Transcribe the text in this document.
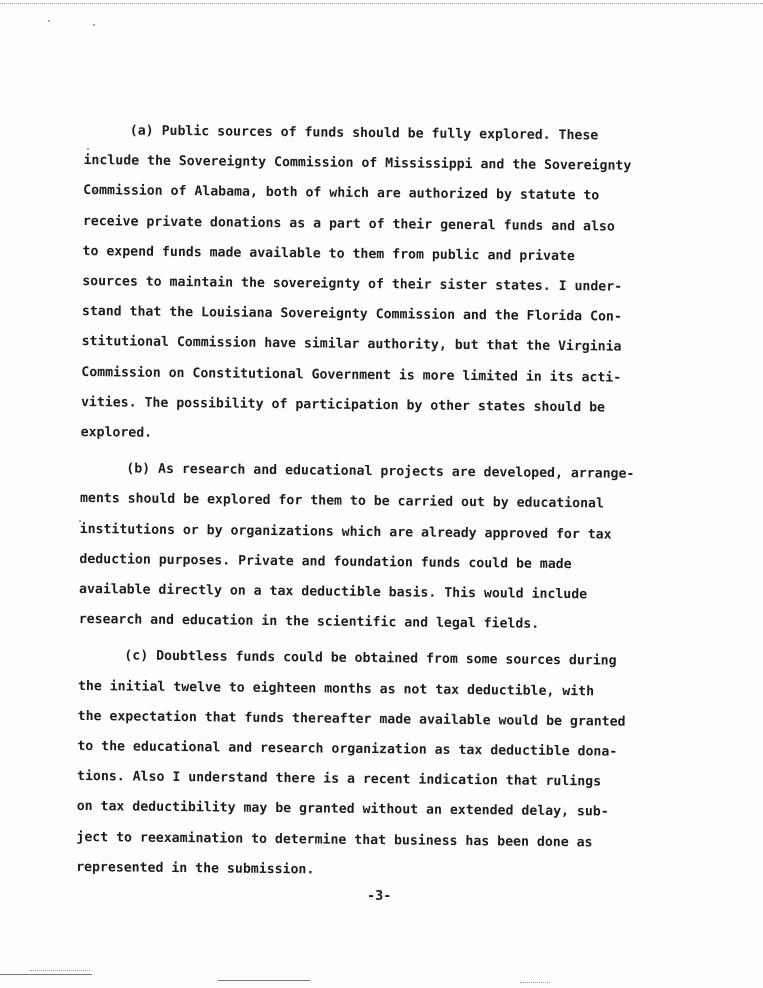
(a) Public sources of funds should be fully explored. These
include the Sovereignty Commission of Mississippi and the Sovereignty
Commission of Alabama, both of which are authorized by statute to
receive private donations as a part of their general funds and also
to expend funds made available to them from public and private
sources to maintain the sovereignty of their sister states. I under-
stand that the Louisiana Sovereignty Commission and the Florida Con-
stitutional Commission have similar authority, but that the Virginia
Commission on Constitutional Government is more limited in its acti-
vities. The possibility of participation by other states should be
explored.
(b) As research and educational projects are developed, arrange-
ments should be explored for them to be carried out by educational
institutions or by organizations which are already approved for tax
deduction purposes. Private and foundation funds could be made
available directly on a tax deductible basis. This would include
research and education in the scientific and legal fields.
(c) Doubtless funds could be obtained from some sources during
the initial twelve to eighteen months as not tax deductible, with
the expectation that funds thereafter made available would be granted
to the educational and research organization as tax deductible dona-
tions. Also I understand there is a recent indication that rulings
on tax deductibility may be granted without an extended delay, sub-
ject to reexamination to determine that business has been done as
represented in the submission.
-3-
